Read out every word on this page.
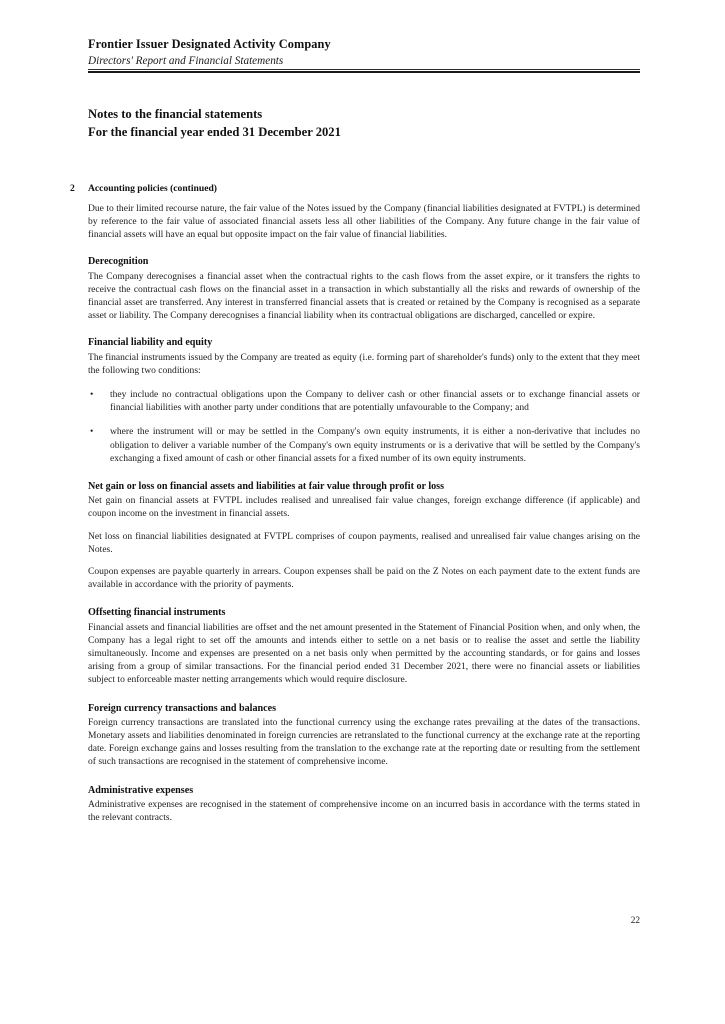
Frontier Issuer Designated Activity Company
Directors' Report and Financial Statements
Notes to the financial statements
For the financial year ended 31 December 2021
2	Accounting policies (continued)

Due to their limited recourse nature, the fair value of the Notes issued by the Company (financial liabilities designated at FVTPL) is determined by reference to the fair value of associated financial assets less all other liabilities of the Company. Any future change in the fair value of financial assets will have an equal but opposite impact on the fair value of financial liabilities.

Derecognition

The Company derecognises a financial asset when the contractual rights to the cash flows from the asset expire, or it transfers the rights to receive the contractual cash flows on the financial asset in a transaction in which substantially all the risks and rewards of ownership of the financial asset are transferred. Any interest in transferred financial assets that is created or retained by the Company is recognised as a separate asset or liability. The Company derecognises a financial liability when its contractual obligations are discharged, cancelled or expire.

Financial liability and equity

The financial instruments issued by the Company are treated as equity (i.e. forming part of shareholder's funds) only to the extent that they meet the following two conditions:

• they include no contractual obligations upon the Company to deliver cash or other financial assets or to exchange financial assets or financial liabilities with another party under conditions that are potentially unfavourable to the Company; and
• where the instrument will or may be settled in the Company's own equity instruments, it is either a non-derivative that includes no obligation to deliver a variable number of the Company's own equity instruments or is a derivative that will be settled by the Company's exchanging a fixed amount of cash or other financial assets for a fixed number of its own equity instruments.
Net gain or loss on financial assets and liabilities at fair value through profit or loss

Net gain on financial assets at FVTPL includes realised and unrealised fair value changes, foreign exchange difference (if applicable) and coupon income on the investment in financial assets.

Net loss on financial liabilities designated at FVTPL comprises of coupon payments, realised and unrealised fair value changes arising on the Notes.

Coupon expenses are payable quarterly in arrears. Coupon expenses shall be paid on the Z Notes on each payment date to the extent funds are available in accordance with the priority of payments.

Offsetting financial instruments

Financial assets and financial liabilities are offset and the net amount presented in the Statement of Financial Position when, and only when, the Company has a legal right to set off the amounts and intends either to settle on a net basis or to realise the asset and settle the liability simultaneously. Income and expenses are presented on a net basis only when permitted by the accounting standards, or for gains and losses arising from a group of similar transactions. For the financial period ended 31 December 2021, there were no financial assets or liabilities subject to enforceable master netting arrangements which would require disclosure.

Foreign currency transactions and balances

Foreign currency transactions are translated into the functional currency using the exchange rates prevailing at the dates of the transactions. Monetary assets and liabilities denominated in foreign currencies are retranslated to the functional currency at the exchange rate at the reporting date. Foreign exchange gains and losses resulting from the translation to the exchange rate at the reporting date or resulting from the settlement of such transactions are recognised in the statement of comprehensive income.

Administrative expenses

Administrative expenses are recognised in the statement of comprehensive income on an incurred basis in accordance with the terms stated in the relevant contracts.

22
